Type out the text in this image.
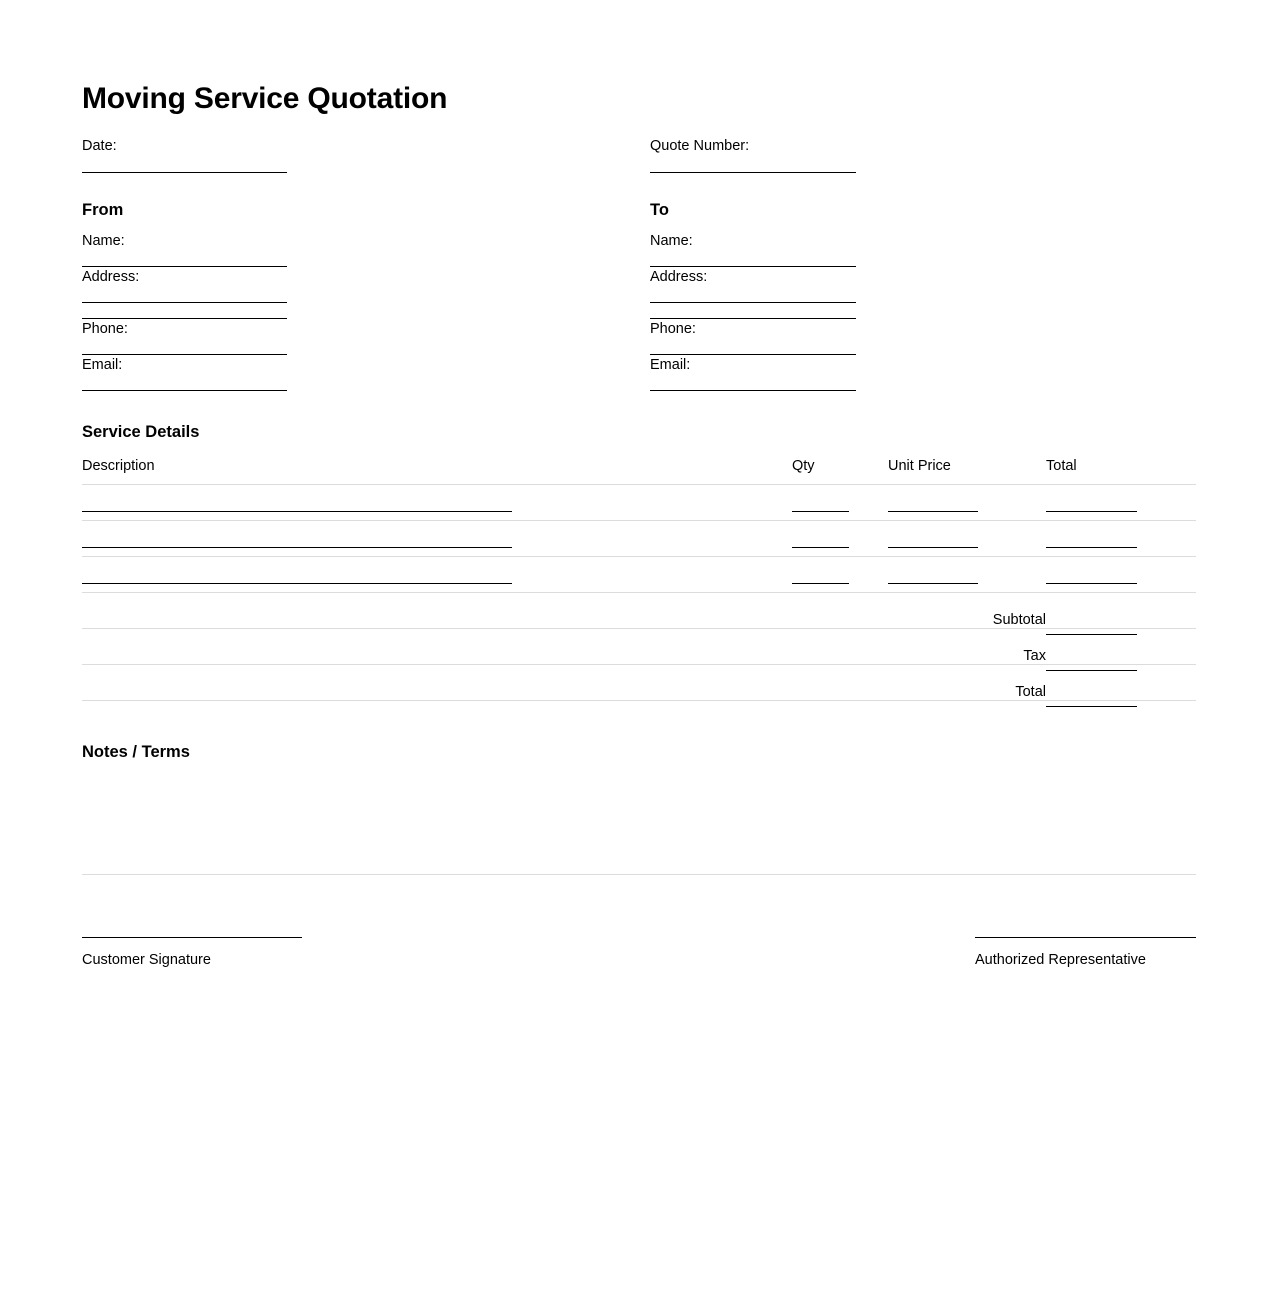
Moving Service Quotation
Date:	Quote Number:
From
Name:
Address:
Phone:
Email:
To
Name:
Address:
Phone:
Email:
Service Details
Description	Qty	Unit Price	Total

		Subtotal	

		Tax	

		Total	
Notes / Terms
Customer Signature	Authorized Representative
